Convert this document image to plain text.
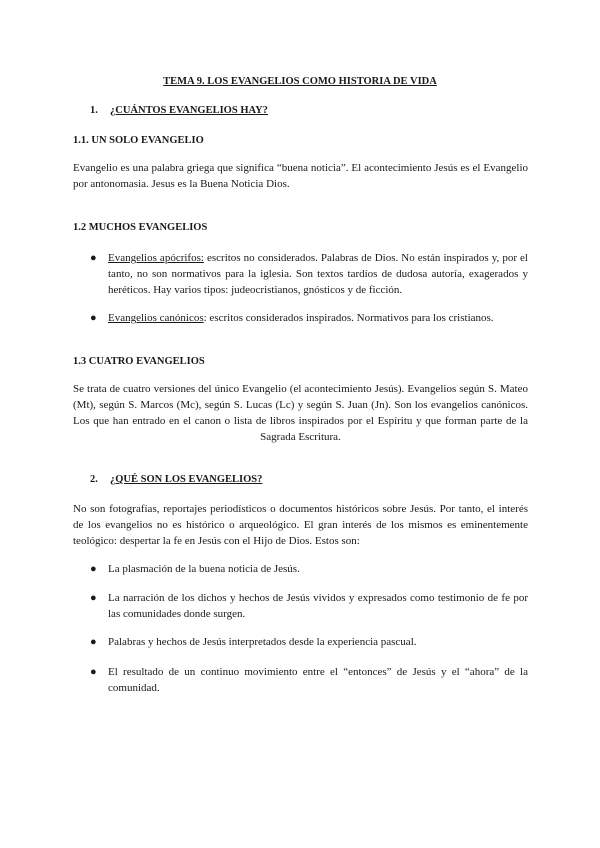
TEMA 9. LOS EVANGELIOS COMO HISTORIA DE VIDA
1. ¿CUÁNTOS EVANGELIOS HAY?
1.1. UN SOLO EVANGELIO
Evangelio es una palabra griega que significa “buena noticia”. El acontecimiento Jesús es el Evangelio por antonomasia. Jesus es la Buena Noticia Dios.
1.2 MUCHOS EVANGELIOS
● Evangelios apócrifos: escritos no considerados. Palabras de Dios. No están inspirados y, por el tanto, no son normativos para la iglesia. Son textos tardíos de dudosa autoría, exagerados y heréticos. Hay varios tipos: judeocristianos, gnósticos y de ficción.
● Evangelios canónicos: escritos considerados inspirados. Normativos para los cristianos.
1.3 CUATRO EVANGELIOS
Se trata de cuatro versiones del único Evangelio (el acontecimiento Jesús). Evangelios según S. Mateo (Mt), según S. Marcos (Mc), según S. Lucas (Lc) y según S. Juan (Jn). Son los evangelios canónicos. Los que han entrado en el canon o lista de libros inspirados por el Espíritu y que forman parte de la Sagrada Escritura.
2. ¿QUÉ SON LOS EVANGELIOS?
No son fotografías, reportajes periodísticos o documentos históricos sobre Jesús. Por tanto, el interés de los evangelios no es histórico o arqueológico. El gran interés de los mismos es eminentemente teológico: despertar la fe en Jesús con el Hijo de Dios. Estos son:
● La plasmación de la buena noticia de Jesús.
● La narración de los dichos y hechos de Jesús vividos y expresados como testimonio de fe por las comunidades donde surgen.
● Palabras y hechos de Jesús interpretados desde la experiencia pascual.
● El resultado de un continuo movimiento entre el “entonces” de Jesús y el “ahora” de la comunidad.
